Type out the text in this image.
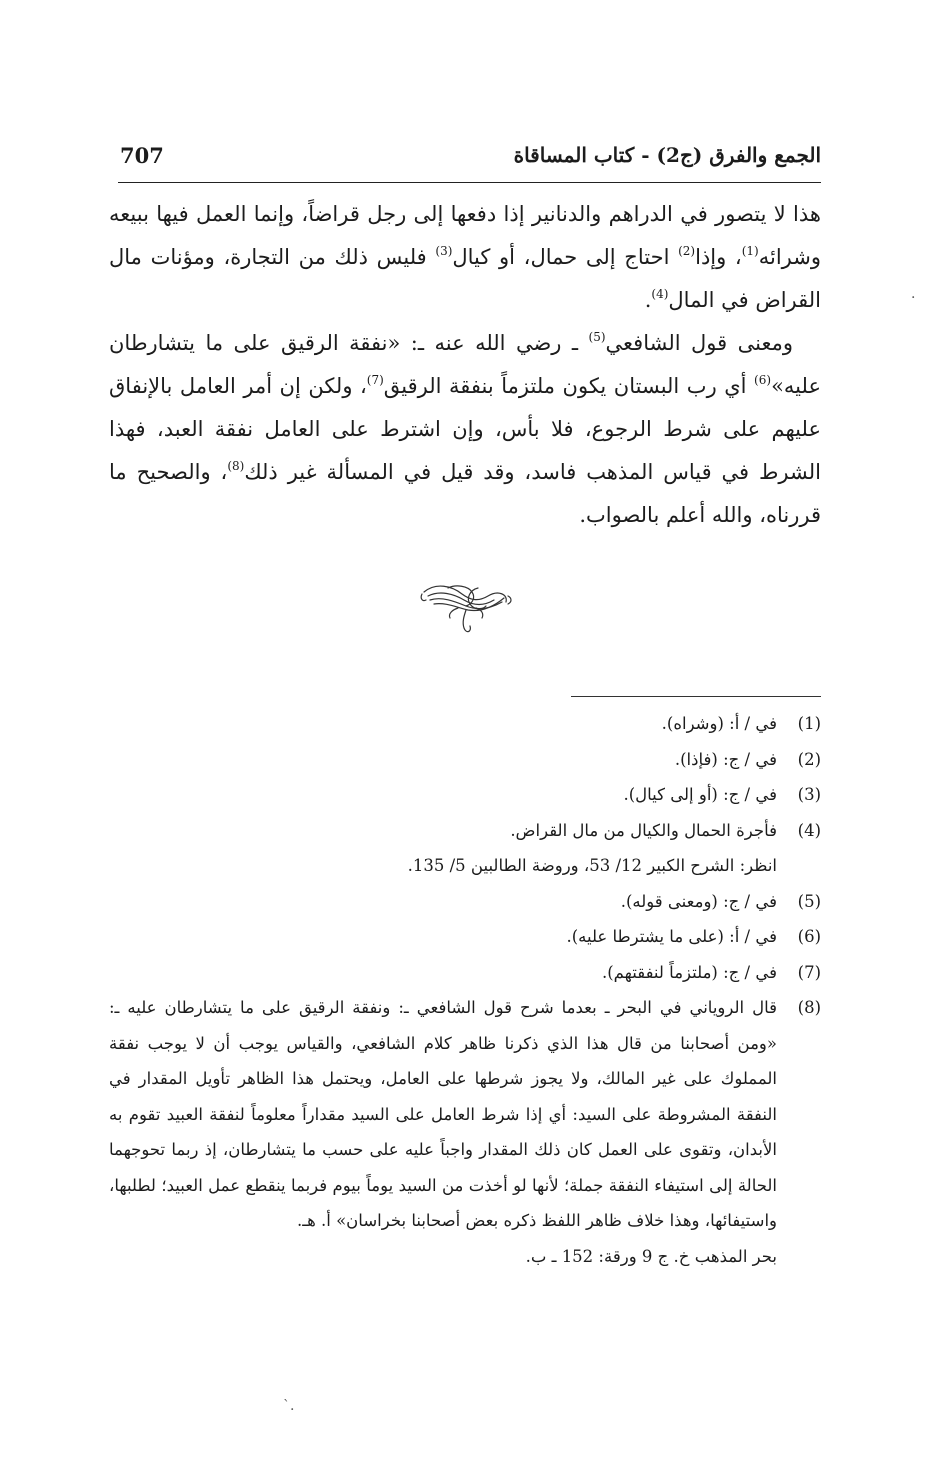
707	الجمع والفرق (ج2) - كتاب المساقاة

هذا لا يتصور في الدراهم والدنانير إذا دفعها إلى رجل قراضاً، وإنما العمل فيها ببيعه وشرائه$^{(1)}$، وإذا$^{(2)}$ احتاج إلى حمال، أو كيال$^{(3)}$ فليس ذلك من التجارة، ومؤنات مال القراض في المال$^{(4)}$.

ومعنى قول الشافعي$^{(5)}$ ـ رضي الله عنه ـ: «نفقة الرقيق على ما يتشارطان عليه»$^{(6)}$ أي رب البستان يكون ملتزماً بنفقة الرقيق$^{(7)}$، ولكن إن أمر العامل بالإنفاق عليهم على شرط الرجوع، فلا بأس، وإن اشترط على العامل نفقة العبد، فهذا الشرط في قياس المذهب فاسد، وقد قيل في المسألة غير ذلك$^{(8)}$، والصحيح ما قررناه، والله أعلم بالصواب.

(1)
في / أ: (وشراه).
(2)
في / ج: (فإذا).
(3)
في / ج: (أو إلى كيال).
(4)
فأجرة الحمال والكيال من مال القراض.
انظر: الشرح الكبير 12/ 53، وروضة الطالبين 5/ 135.
(5)
في / ج: (ومعنى قوله).
(6)
في / أ: (على ما يشترطا عليه).
(7)
في / ج: (ملتزماً لنفقتهم).
(8)
قال الروياني في البحر ـ بعدما شرح قول الشافعي ـ: ونفقة الرقيق على ما يتشارطان عليه ـ: «ومن أصحابنا من قال هذا الذي ذكرنا ظاهر كلام الشافعي، والقياس يوجب أن لا يوجب نفقة المملوك على غير المالك، ولا يجوز شرطها على العامل، ويحتمل هذا الظاهر تأويل المقدار في النفقة المشروطة على السيد: أي إذا شرط العامل على السيد مقداراً معلوماً لنفقة العبيد تقوم به الأبدان، وتقوى على العمل كان ذلك المقدار واجباً عليه على حسب ما يتشارطان، إذ ربما تحوجهما الحالة إلى استيفاء النفقة جملة؛ لأنها لو أخذت من السيد يوماً بيوم فربما ينقطع عمل العبيد؛ لطلبها، واستيفائها، وهذا خلاف ظاهر اللفظ ذكره بعض أصحابنا بخراسان» أ. هـ.
بحر المذهب خ. ج 9 ورقة: 152 ـ ب.
`.
·
